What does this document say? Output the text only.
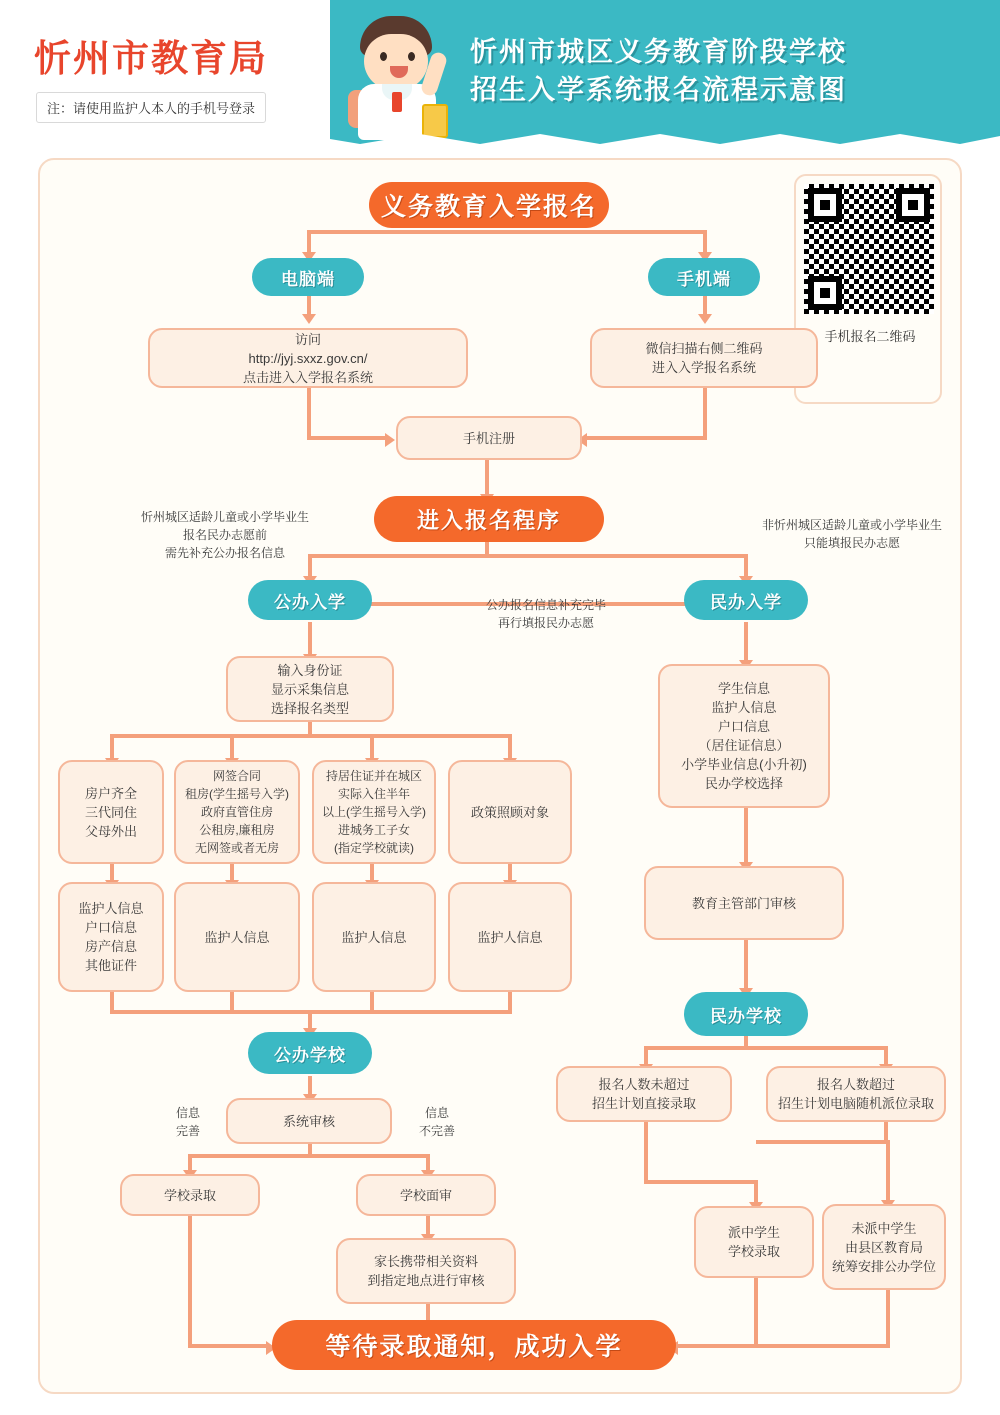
忻州市教育局
注：请使用监护人本人的手机号登录
忻州市城区义务教育阶段学校
招生入学系统报名流程示意图
手机报名二维码
义务教育入学报名
电脑端	手机端
访问
http://jyj.sxxz.gov.cn/
点击进入入学报名系统
微信扫描右侧二维码
进入入学报名系统
手机注册
进入报名程序
忻州城区适龄儿童或小学毕业生
报名民办志愿前
需先补充公办报名信息
非忻州城区适龄儿童或小学毕业生
只能填报民办志愿
公办报名信息补充完毕
再行填报民办志愿
公办入学	民办入学
输入身份证
显示采集信息
选择报名类型
房户齐全
三代同住
父母外出
网签合同
租房(学生摇号入学)
政府直管住房
公租房,廉租房
无网签或者无房
持居住证并在城区
实际入住半年
以上(学生摇号入学)
进城务工子女
(指定学校就读)
政策照顾对象
监护人信息
户口信息
房产信息
其他证件
监护人信息	监护人信息	监护人信息
公办学校
系统审核
信息
完善
信息
不完善
学校录取	学校面审
家长携带相关资料
到指定地点进行审核
学生信息
监护人信息
户口信息
（居住证信息）
小学毕业信息(小升初)
民办学校选择
教育主管部门审核
民办学校
报名人数未超过
招生计划直接录取
报名人数超过
招生计划电脑随机派位录取
派中学生
学校录取
未派中学生
由县区教育局
统筹安排公办学位
等待录取通知，成功入学
